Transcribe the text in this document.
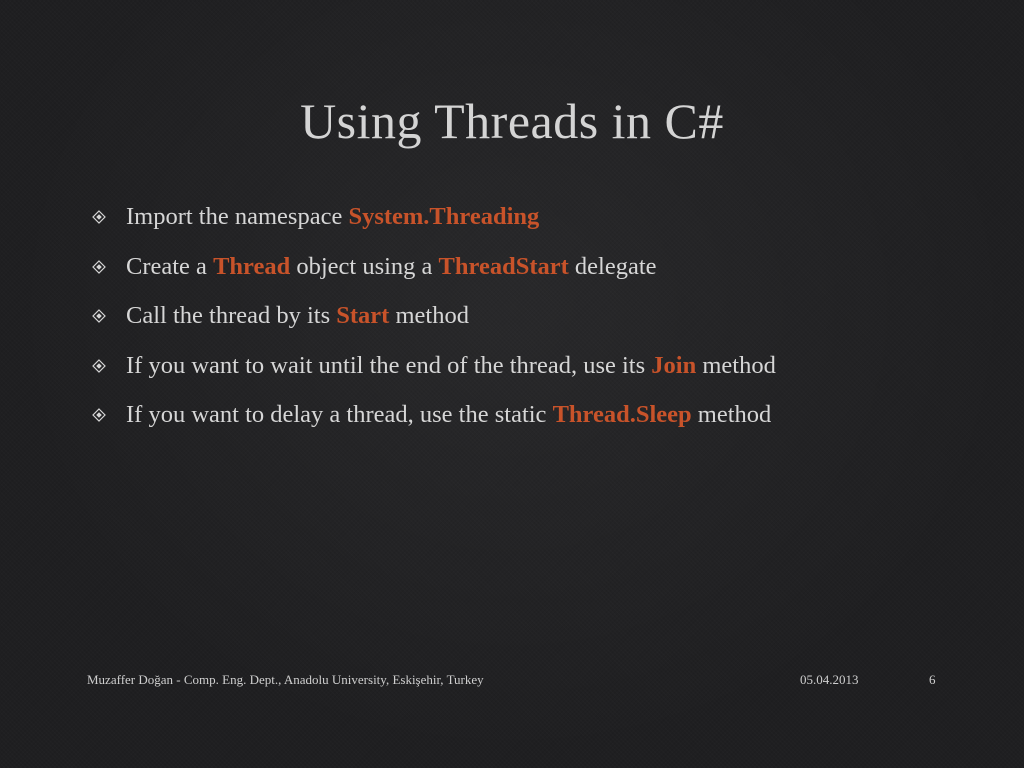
Using Threads in C#
Import the namespace System.Threading
Create a Thread object using a ThreadStart delegate
Call the thread by its Start method
If you want to wait until the end of the thread, use its Join method
If you want to delay a thread, use the static Thread.Sleep method
Muzaffer Doğan - Comp. Eng. Dept., Anadolu University, Eskişehir, Turkey	05.04.2013	6
